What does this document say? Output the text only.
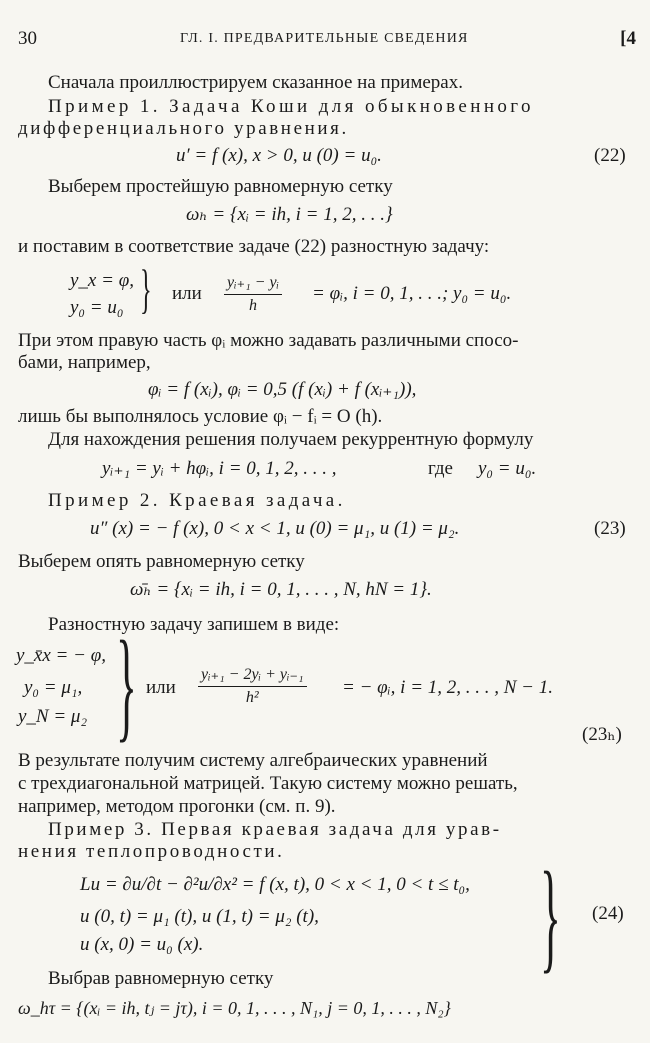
30	ГЛ. I. ПРЕДВАРИТЕЛЬНЫЕ СВЕДЕНИЯ	[4
Сначала проиллюстрируем сказанное на примерах.
Пример 1. Задача Коши для обыкновенного
дифференциального уравнения.
u′ = f (x), x > 0, u (0) = u₀.	(22)
Выберем простейшую равномерную сетку
ωₕ = {xᵢ = ih, i = 1, 2, . . .}
и поставим в соответствие задаче (22) разностную задачу:
y_x = φ,
y₀ = u₀ } или $\frac{\text{yᵢ₊₁ − yᵢ}}{h}$ = φᵢ, i = 0, 1, . . .; y₀ = u₀.
При этом правую часть φᵢ можно задавать различными спосо-
бами, например,
φᵢ = f (xᵢ), φᵢ = 0,5 (f (xᵢ) + f (xᵢ₊₁)),
лишь бы выполнялось условие φᵢ − fᵢ = O (h).
Для нахождения решения получаем рекуррентную формулу
yᵢ₊₁ = yᵢ + hφᵢ, i = 0, 1, 2, . . . ,	где y₀ = u₀.
Пример 2. Краевая задача.
u″ (x) = − f (x), 0 < x < 1, u (0) = μ₁, u (1) = μ₂.	(23)
Выберем опять равномерную сетку
ω̄ₕ = {xᵢ = ih, i = 0, 1, . . . , N, hN = 1}.
Разностную задачу запишем в виде:
y_x̄x = − φ,
y₀ = μ₁,
y_N = μ₂ } или $\frac{\text{yᵢ₊₁ − 2yᵢ + yᵢ₋₁}}{\text{h²}}$ = − φᵢ, i = 1, 2, . . . , N − 1.
(23ₕ)
В результате получим систему алгебраических уравнений
с трехдиагональной матрицей. Такую систему можно решать,
например, методом прогонки (см. п. 9).
Пример 3. Первая краевая задача для урав-
нения теплопроводности.
Lu = ∂u/∂t − ∂²u/∂x² = f (x, t), 0 < x < 1, 0 < t ≤ t₀,
u (0, t) = μ₁ (t), u (1, t) = μ₂ (t),
u (x, 0) = u₀ (x).	} (24)
Выбрав равномерную сетку
ω_hτ = {(xᵢ = ih, tⱼ = jτ), i = 0, 1, . . . , N₁, j = 0, 1, . . . , N₂}
